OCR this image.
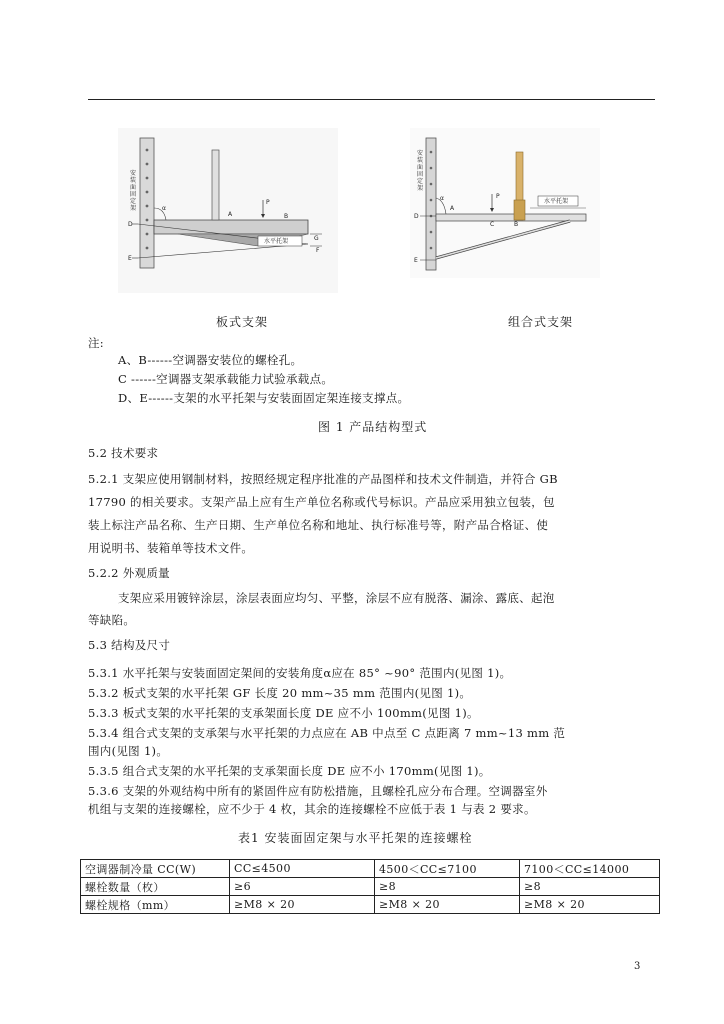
G
F
A	B
P
D
E
α
水平托架
安装面固定架	A
B
C
P
D
E
α	水平托架
安装面固定架
板式支架	组合式支架
注:
A、B------空调器安装位的螺栓孔。
C ------空调器支架承载能力试验承载点。
D、E------支架的水平托架与安装面固定架连接支撑点。
图 1 产品结构型式
5.2 技术要求
5.2.1 支架应使用钢制材料，按照经规定程序批准的产品图样和技术文件制造，并符合 GB
17790 的相关要求。支架产品上应有生产单位名称或代号标识。产品应采用独立包装，包
装上标注产品名称、生产日期、生产单位名称和地址、执行标准号等，附产品合格证、使
用说明书、装箱单等技术文件。
5.2.2 外观质量
支架应采用镀锌涂层，涂层表面应均匀、平整，涂层不应有脱落、漏涂、露底、起泡
等缺陷。
5.3 结构及尺寸
5.3.1 水平托架与安装面固定架间的安装角度α应在 85° ~90° 范围内(见图 1)。
5.3.2 板式支架的水平托架 GF 长度 20 mm~35 mm 范围内(见图 1)。
5.3.3 板式支架的水平托架的支承架面长度 DE 应不小 100mm(见图 1)。
5.3.4 组合式支架的支承架与水平托架的力点应在 AB 中点至 C 点距离 7 mm~13 mm 范
围内(见图 1)。
5.3.5 组合式支架的水平托架的支承架面长度 DE 应不小 170mm(见图 1)。
5.3.6 支架的外观结构中所有的紧固件应有防松措施，且螺栓孔应分布合理。空调器室外
机组与支架的连接螺栓，应不少于 4 枚，其余的连接螺栓不应低于表 1 与表 2 要求。
表1 安装面固定架与水平托架的连接螺栓
空调器制冷量 CC(W)	CC≤4500	4500＜CC≤7100	7100＜CC≤14000
螺栓数量（枚）	≥6	≥8	≥8
螺栓规格（mm）	≥M8 × 20	≥M8 × 20	≥M8 × 20
3
